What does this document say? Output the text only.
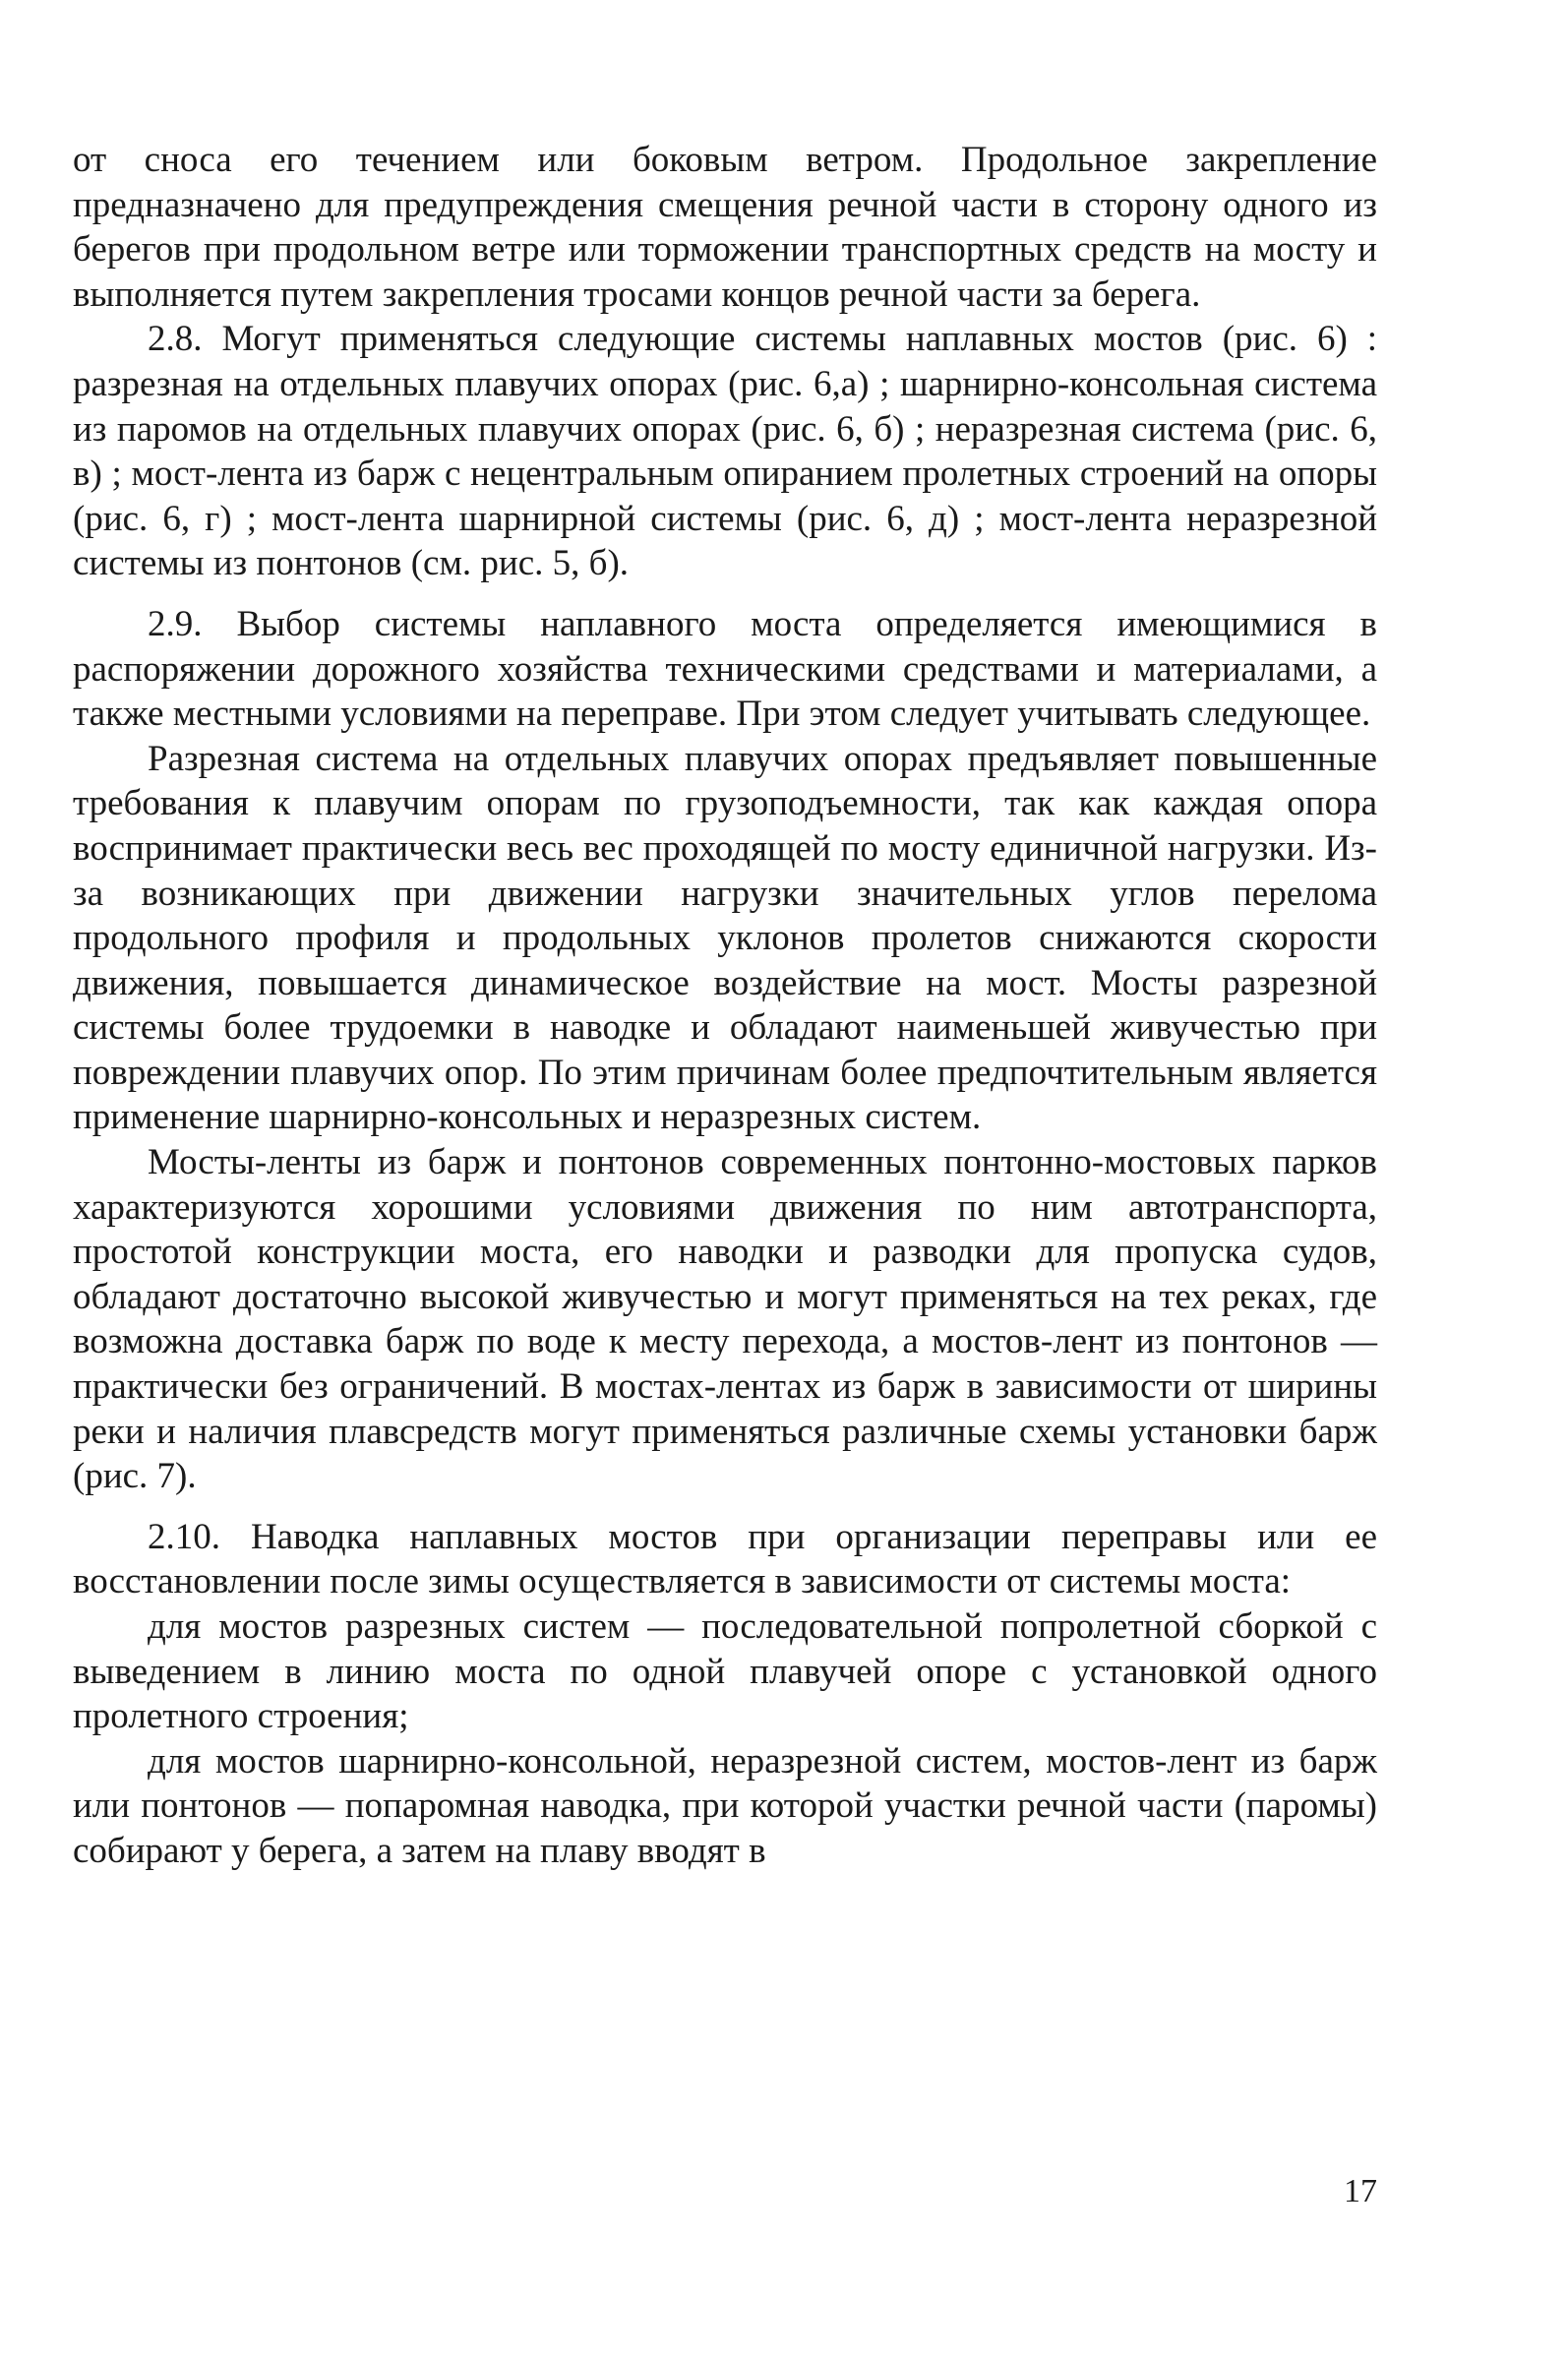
от сноса его течением или боковым ветром. Продольное закрепление предназначено для предупреждения смещения речной части в сторону одного из берегов при продольном ветре или торможении транспортных средств на мосту и выполняется путем закрепления тросами концов речной части за берега.

2.8. Могут применяться следующие системы наплавных мостов (рис. 6) : разрезная на отдельных плавучих опорах (рис. 6,а) ; шарнирно-консольная система из паромов на отдельных плавучих опорах (рис. 6, б) ; неразрезная система (рис. 6, в) ; мост-лента из барж с нецентральным опиранием пролетных строений на опоры (рис. 6, г) ; мост-лента шарнирной системы (рис. 6, д) ; мост-лента неразрезной системы из понтонов (см. рис. 5, б).

2.9. Выбор системы наплавного моста определяется имеющимися в распоряжении дорожного хозяйства техническими средствами и материалами, а также местными условиями на переправе. При этом следует учитывать следующее.

Разрезная система на отдельных плавучих опорах предъявляет повышенные требования к плавучим опорам по грузоподъемности, так как каждая опора воспринимает практически весь вес проходящей по мосту единичной нагрузки. Из-за возникающих при движении нагрузки значительных углов перелома продольного профиля и продольных уклонов пролетов снижаются скорости движения, повышается динамическое воздействие на мост. Мосты разрезной системы более трудоемки в наводке и обладают наименьшей живучестью при повреждении плавучих опор. По этим причинам более предпочтительным является применение шарнирно-консольных и неразрезных систем.

Мосты-ленты из барж и понтонов современных понтонно-мостовых парков характеризуются хорошими условиями движения по ним автотранспорта, простотой конструкции моста, его наводки и разводки для пропуска судов, обладают достаточно высокой живучестью и могут применяться на тех реках, где возможна доставка барж по воде к месту перехода, а мостов-лент из понтонов — практически без ограничений. В мостах-лентах из барж в зависимости от ширины реки и наличия плавсредств могут применяться различные схемы установки барж (рис. 7).

2.10. Наводка наплавных мостов при организации переправы или ее восстановлении после зимы осуществляется в зависимости от системы моста:

для мостов разрезных систем — последовательной попролетной сборкой с выведением в линию моста по одной плавучей опоре с установкой одного пролетного строения;

для мостов шарнирно-консольной, неразрезной систем, мостов-лент из барж или понтонов — попаромная наводка, при которой участки речной части (паромы) собирают у берега, а затем на плаву вводят в

17
